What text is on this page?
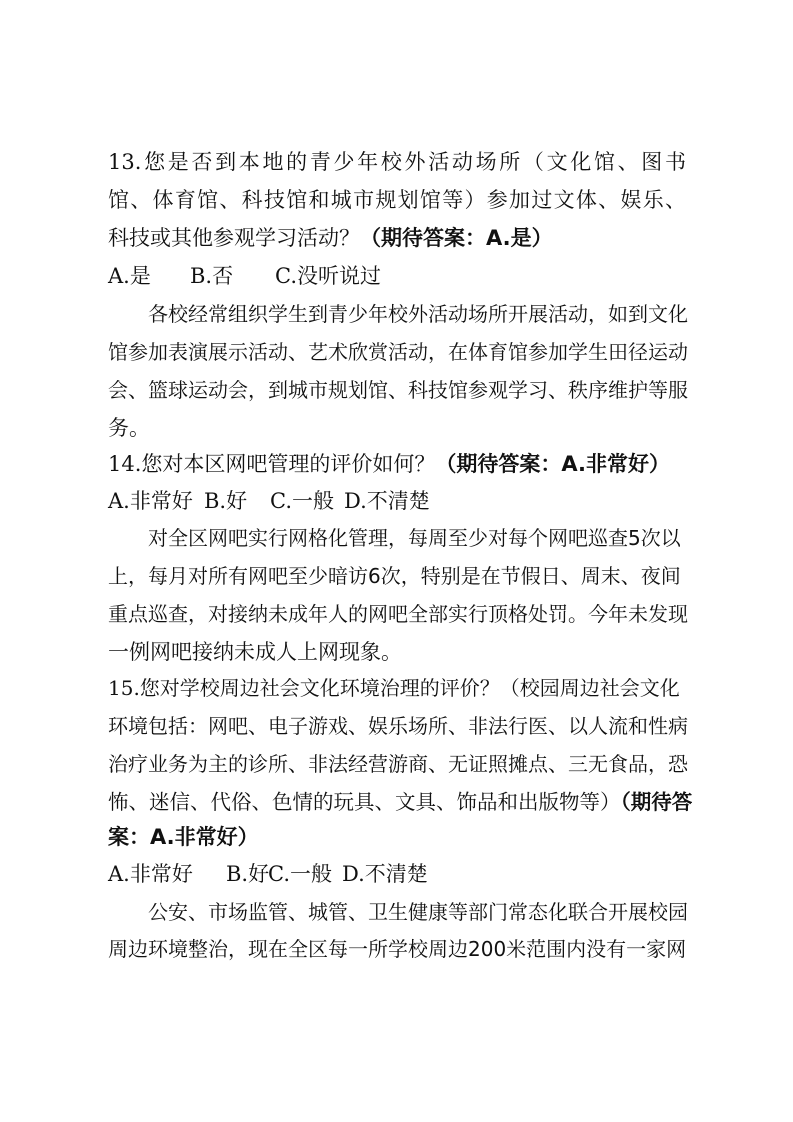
13.您是否到本地的青少年校外活动场所（文化馆、图书
馆、体育馆、科技馆和城市规划馆等）参加过文体、娱乐、
科技或其他参观学习活动？（期待答案：A.是）
A.是 B.否 C.没听说过
各校经常组织学生到青少年校外活动场所开展活动，如到文化
馆参加表演展示活动、艺术欣赏活动，在体育馆参加学生田径运动
会、篮球运动会，到城市规划馆、科技馆参观学习、秩序维护等服
务。
14.您对本区网吧管理的评价如何？（期待答案：A.非常好）
A.非常好 B.好 C.一般 D.不清楚
对全区网吧实行网格化管理，每周至少对每个网吧巡查5次以
上，每月对所有网吧至少暗访6次，特别是在节假日、周末、夜间
重点巡查，对接纳未成年人的网吧全部实行顶格处罚。今年未发现
一例网吧接纳未成人上网现象。
15.您对学校周边社会文化环境治理的评价？（校园周边社会文化
环境包括：网吧、电子游戏、娱乐场所、非法行医、以人流和性病
治疗业务为主的诊所、非法经营游商、无证照摊点、三无食品，恐
怖、迷信、代俗、色情的玩具、文具、饰品和出版物等）（期待答
案：A.非常好）
A.非常好 B.好C.一般 D.不清楚
公安、市场监管、城管、卫生健康等部门常态化联合开展校园
周边环境整治，现在全区每一所学校周边200米范围内没有一家网
